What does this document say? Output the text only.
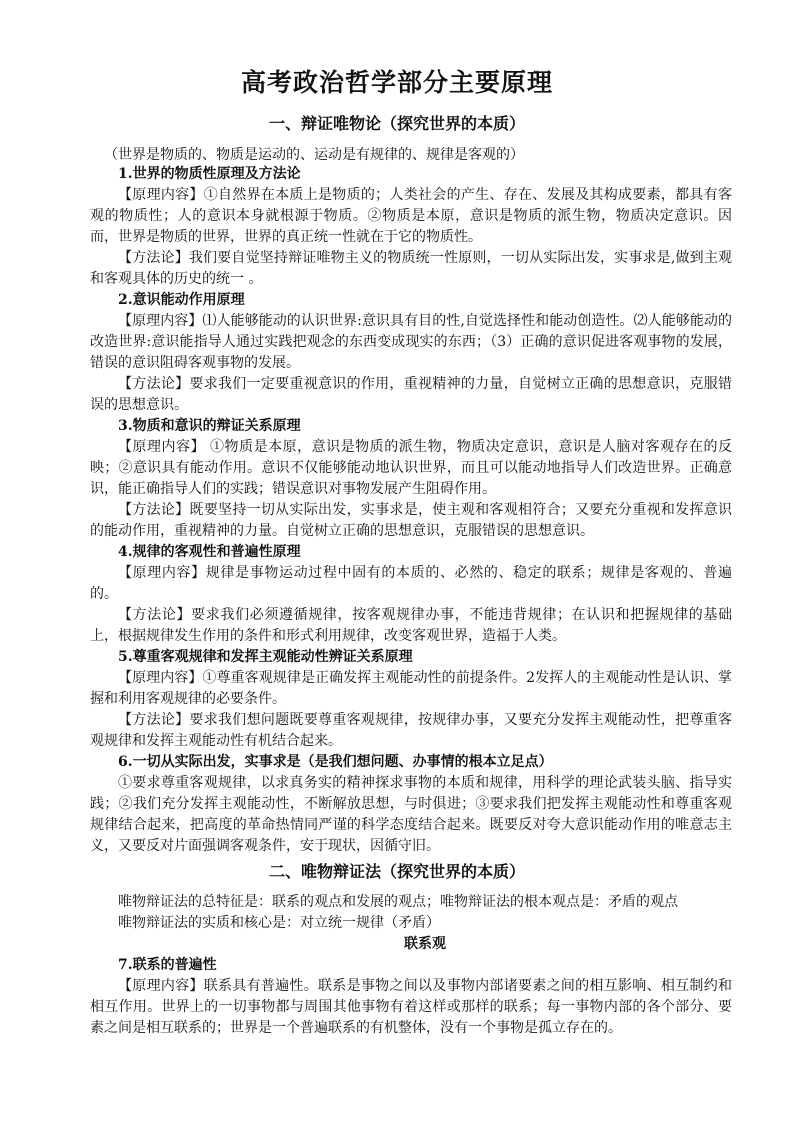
高考政治哲学部分主要原理
一、辩证唯物论（探究世界的本质）
（世界是物质的、物质是运动的、运动是有规律的、规律是客观的）

1.世界的物质性原理及方法论

【原理内容】①自然界在本质上是物质的；人类社会的产生、存在、发展及其构成要素，都具有客观的物质性；人的意识本身就根源于物质。②物质是本原，意识是物质的派生物，物质决定意识。因而，世界是物质的世界，世界的真正统一性就在于它的物质性。

【方法论】我们要自觉坚持辩证唯物主义的物质统一性原则，一切从实际出发，实事求是,做到主观和客观具体的历史的统一 。

2.意识能动作用原理

【原理内容】⑴人能够能动的认识世界:意识具有目的性,自觉选择性和能动创造性。⑵人能够能动的改造世界:意识能指导人通过实践把观念的东西变成现实的东西；（3）正确的意识促进客观事物的发展，错误的意识阻碍客观事物的发展。

【方法论】要求我们一定要重视意识的作用，重视精神的力量，自觉树立正确的思想意识，克服错误的思想意识。

3.物质和意识的辩证关系原理

【原理内容】 ①物质是本原，意识是物质的派生物，物质决定意识，意识是人脑对客观存在的反映；②意识具有能动作用。意识不仅能够能动地认识世界，而且可以能动地指导人们改造世界。正确意识，能正确指导人们的实践；错误意识对事物发展产生阻碍作用。

【方法论】既要坚持一切从实际出发，实事求是，使主观和客观相符合；又要充分重视和发挥意识的能动作用，重视精神的力量。自觉树立正确的思想意识，克服错误的思想意识。

4.规律的客观性和普遍性原理

【原理内容】规律是事物运动过程中固有的本质的、必然的、稳定的联系；规律是客观的、普遍的。

【方法论】要求我们必须遵循规律，按客观规律办事，不能违背规律；在认识和把握规律的基础上，根据规律发生作用的条件和形式利用规律，改变客观世界，造福于人类。

5.尊重客观规律和发挥主观能动性辨证关系原理

【原理内容】①尊重客观规律是正确发挥主观能动性的前提条件。2发挥人的主观能动性是认识、掌握和利用客观规律的必要条件。

【方法论】要求我们想问题既要尊重客观规律，按规律办事，又要充分发挥主观能动性，把尊重客观规律和发挥主观能动性有机结合起来。

6.一切从实际出发，实事求是（是我们想问题、办事情的根本立足点）

①要求尊重客观规律，以求真务实的精神探求事物的本质和规律，用科学的理论武装头脑、指导实践；②我们充分发挥主观能动性，不断解放思想，与时俱进；③要求我们把发挥主观能动性和尊重客观规律结合起来，把高度的革命热情同严谨的科学态度结合起来。既要反对夸大意识能动作用的唯意志主义，又要反对片面强调客观条件，安于现状，因循守旧。

二、唯物辩证法（探究世界的本质）

唯物辩证法的总特征是：联系的观点和发展的观点；唯物辩证法的根本观点是：矛盾的观点

唯物辩证法的实质和核心是：对立统一规律（矛盾）

联系观

7.联系的普遍性

【原理内容】联系具有普遍性。联系是事物之间以及事物内部诸要素之间的相互影响、相互制约和相互作用。世界上的一切事物都与周围其他事物有着这样或那样的联系；每一事物内部的各个部分、要素之间是相互联系的；世界是一个普遍联系的有机整体，没有一个事物是孤立存在的。
